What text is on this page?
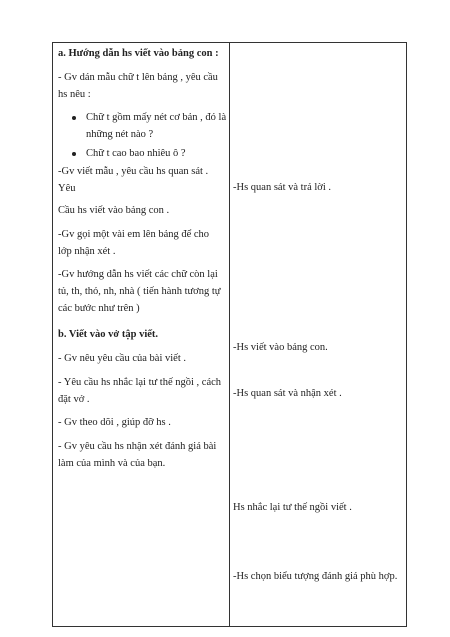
a. Hướng dẫn hs viết vào bảng con :
- Gv dán mẫu chữ t lên bảng , yêu cầu
hs nêu :
Chữ t gồm mấy nét cơ bản , đó là
những nét nào ?
Chữ t cao bao nhiêu ô ?
-Gv viết mẫu , yêu cầu hs quan sát .
Yêu
Cầu hs viết vào bảng con .
-Gv gọi một vài em lên bảng để cho
lớp nhận xét .
-Gv hướng dẫn hs viết các chữ còn lại
tủ, th, thỏ, nh, nhà ( tiến hành tương tự
các bước như trên )
b. Viết vào vở tập viết.
- Gv nêu yêu cầu của bài viết .
- Yêu cầu hs nhắc lại tư thế ngồi , cách
đặt vở .
- Gv theo dõi , giúp đỡ hs .
- Gv yêu cầu hs nhận xét đánh giá bài
làm của mình và của bạn.
-Hs quan sát và trả lời .
-Hs viết vào bảng con.
-Hs quan sát và nhận xét .
Hs nhắc lại tư thế ngồi viết .
-Hs chọn biểu tượng đánh giá phù hợp.
